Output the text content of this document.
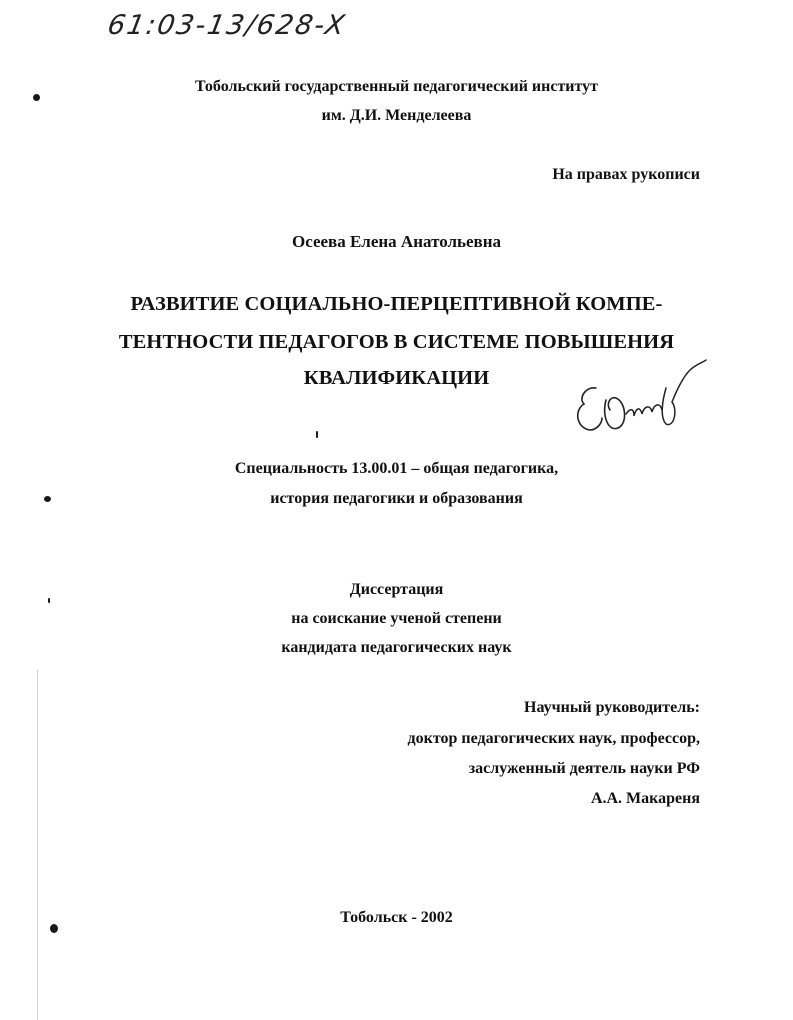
61:03-13/628-X
Тобольский государственный педагогический институт
им. Д.И. Менделеева
На правах рукописи
Осеева Елена Анатольевна
РАЗВИТИЕ СОЦИАЛЬНО-ПЕРЦЕПТИВНОЙ КОМПЕ-
ТЕНТНОСТИ ПЕДАГОГОВ В СИСТЕМЕ ПОВЫШЕНИЯ
КВАЛИФИКАЦИИ
Специальность 13.00.01 – общая педагогика,
история педагогики и образования
Диссертация
на соискание ученой степени
кандидата педагогических наук
Научный руководитель:
доктор педагогических наук, профессор,
заслуженный деятель науки РФ
А.А. Макареня
Тобольск - 2002
